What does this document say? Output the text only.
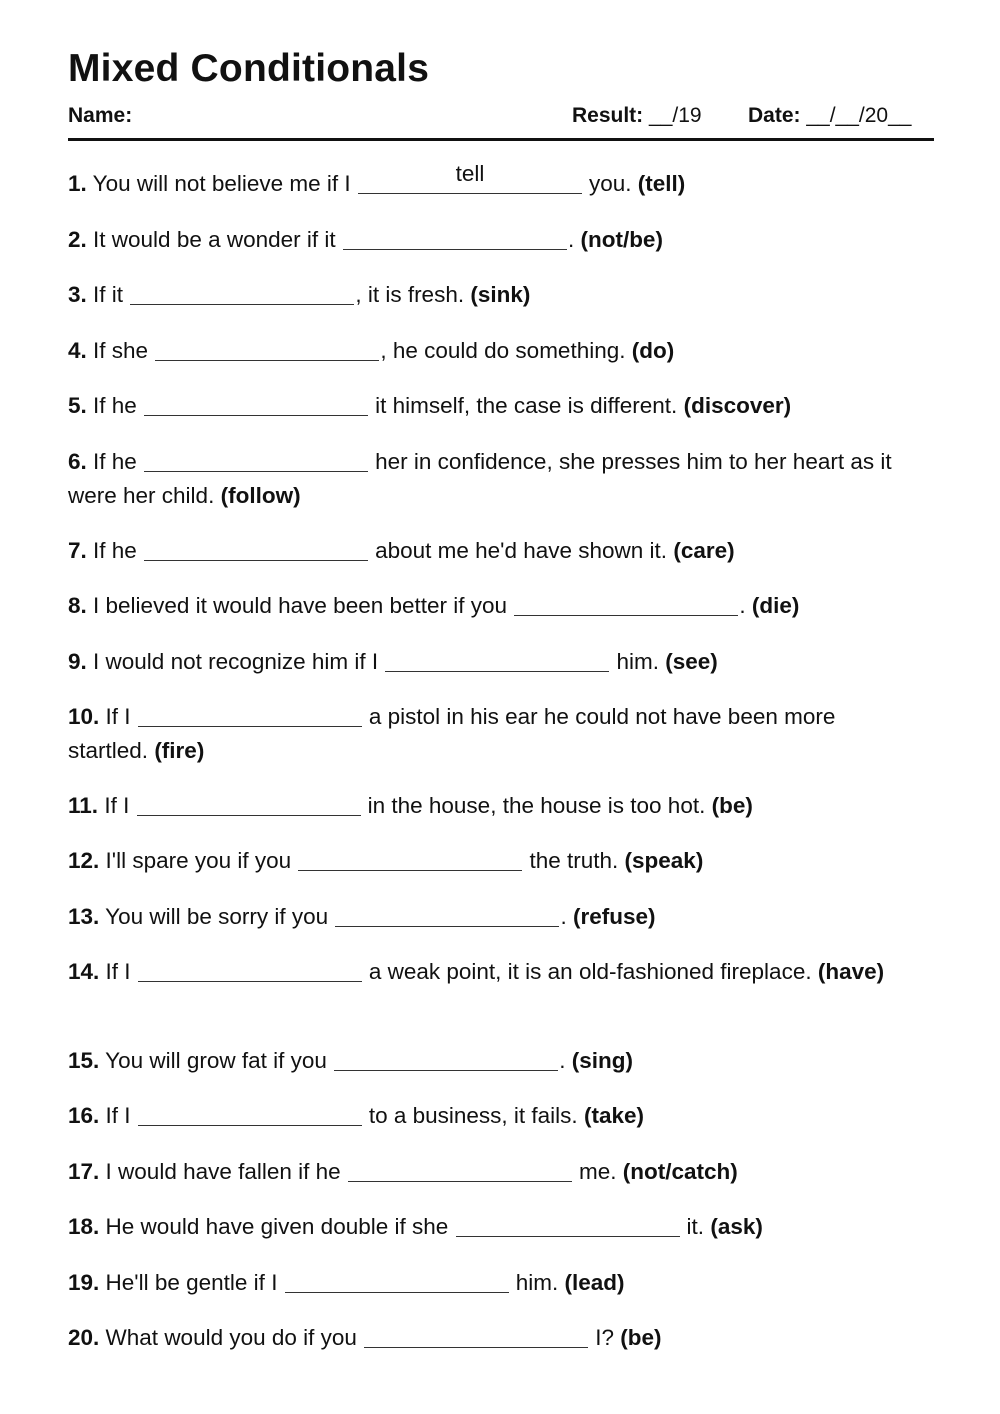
Mixed Conditionals
Name:	Result: __/19 Date: __/__/20__
1. You will not believe me if I	tell	you. (tell)
2. It would be a wonder if it	. (not/be)
3. If it	, it is fresh. (sink)
4. If she	, he could do something. (do)
5. If he	it himself, the case is different. (discover)
6. If he	her in confidence, she presses him to her heart as it were her child. (follow)
7. If he	about me he'd have shown it. (care)
8. I believed it would have been better if you	. (die)
9. I would not recognize him if I	him. (see)
10. If I	a pistol in his ear he could not have been more startled. (fire)
11. If I	in the house, the house is too hot. (be)
12. I'll spare you if you	the truth. (speak)
13. You will be sorry if you	. (refuse)
14. If I	a weak point, it is an old-fashioned fireplace. (have)
15. You will grow fat if you	. (sing)
16. If I	to a business, it fails. (take)
17. I would have fallen if he	me. (not/catch)
18. He would have given double if she	it. (ask)
19. He'll be gentle if I	him. (lead)
20. What would you do if you	I? (be)
